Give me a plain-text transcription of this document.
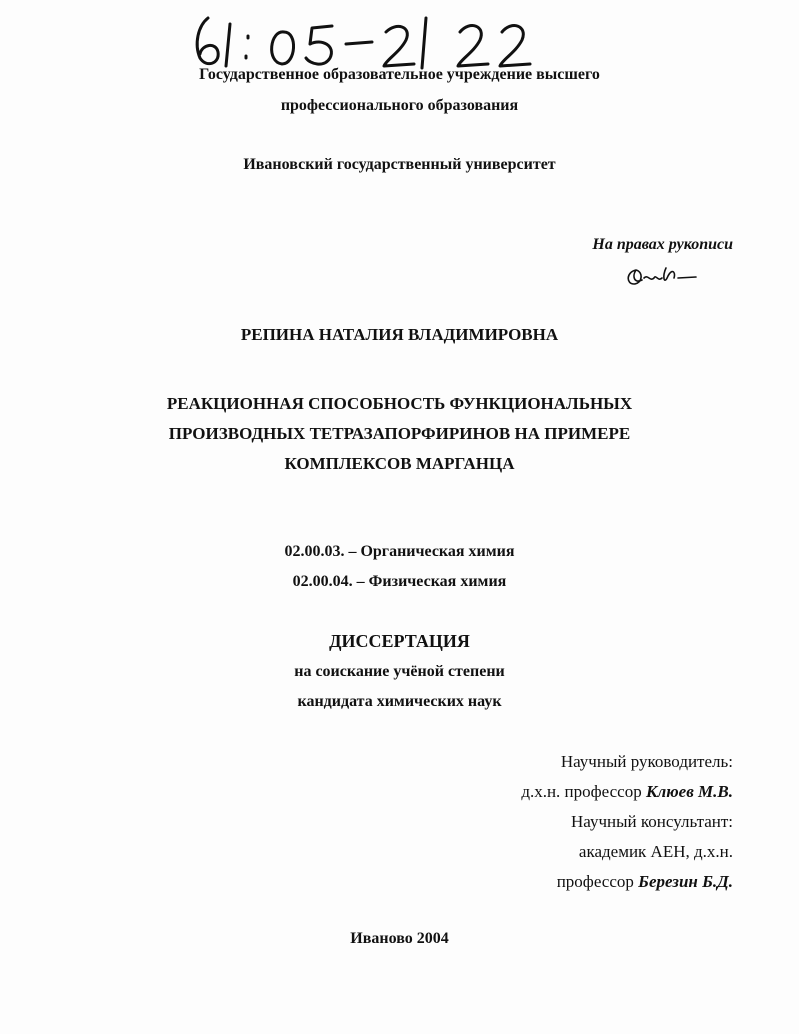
Государственное образовательное учреждение высшего
профессионального образования
Ивановский государственный университет
На правах рукописи
РЕПИНА НАТАЛИЯ ВЛАДИМИРОВНА
РЕАКЦИОННАЯ СПОСОБНОСТЬ ФУНКЦИОНАЛЬНЫХ
ПРОИЗВОДНЫХ ТЕТРАЗАПОРФИРИНОВ НА ПРИМЕРЕ
КОМПЛЕКСОВ МАРГАНЦА
02.00.03. – Органическая химия
02.00.04. – Физическая химия
ДИССЕРТАЦИЯ
на соискание учёной степени
кандидата химических наук
Научный руководитель:
д.х.н. профессор Клюев М.В.
Научный консультант:
академик АЕН, д.х.н.
профессор Березин Б.Д.
Иваново 2004
